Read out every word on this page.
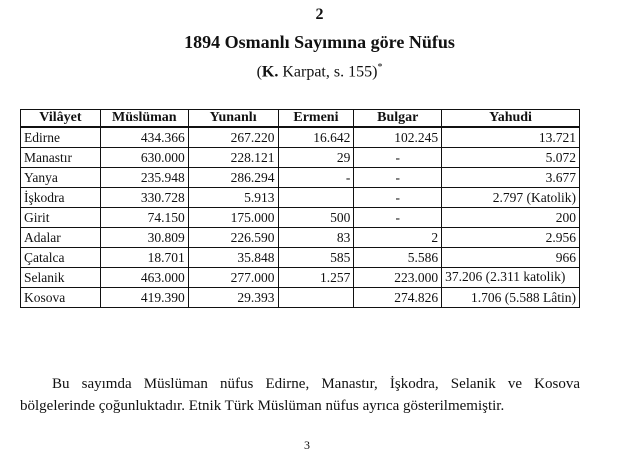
2
1894 Osmanlı Sayımına göre Nüfus
(K. Karpat, s. 155)*
Vilâyet	Müslüman	Yunanlı	Ermeni	Bulgar	Yahudi
Edirne	434.366	267.220	16.642	102.245	13.721
Manastır	630.000	228.121	29	-	5.072
Yanya	235.948	286.294	-	-	3.677
İşkodra	330.728	5.913		-	2.797 (Katolik)
Girit	74.150	175.000	500	-	200
Adalar	30.809	226.590	83	2	2.956
Çatalca	18.701	35.848	585	5.586	966
Selanik	463.000	277.000	1.257	223.000	37.206 (2.311 katolik)
Kosova	419.390	29.393		274.826	1.706 (5.588 Lâtin)
Bu sayımda Müslüman nüfus Edirne, Manastır, İşkodra, Selanik ve Kosova bölgelerinde çoğunluktadır. Etnik Türk Müslüman nüfus ayrıca gösterilmemiştir.
3
